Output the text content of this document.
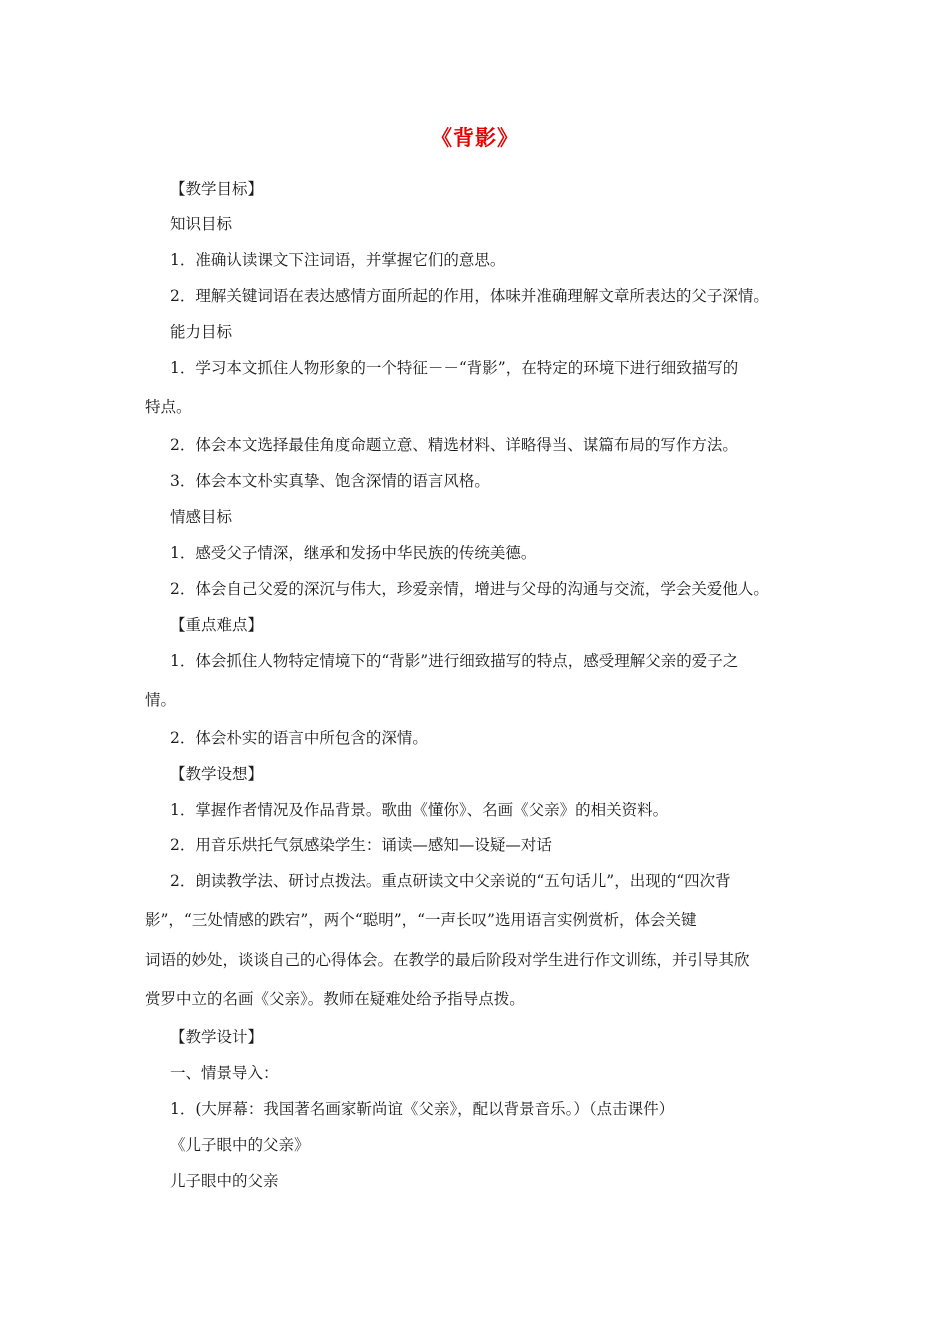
《背影》
【教学目标】
知识目标
1．准确认读课文下注词语，并掌握它们的意思。
2．理解关键词语在表达感情方面所起的作用，体味并准确理解文章所表达的父子深情。
能力目标
1．学习本文抓住人物形象的一个特征－－“背影”，在特定的环境下进行细致描写的
特点。
2．体会本文选择最佳角度命题立意、精选材料、详略得当、谋篇布局的写作方法。
3．体会本文朴实真挚、饱含深情的语言风格。
情感目标
1．感受父子情深，继承和发扬中华民族的传统美德。
2．体会自己父爱的深沉与伟大，珍爱亲情，增进与父母的沟通与交流，学会关爱他人。
【重点难点】
1．体会抓住人物特定情境下的“背影”进行细致描写的特点，感受理解父亲的爱子之
情。
2．体会朴实的语言中所包含的深情。
【教学设想】
1．掌握作者情况及作品背景。歌曲《懂你》、名画《父亲》的相关资料。
2．用音乐烘托气氛感染学生：诵读—感知—设疑—对话
2．朗读教学法、研讨点拨法。重点研读文中父亲说的“五句话儿”，出现的“四次背
影”，“三处情感的跌宕”，两个“聪明”，“一声长叹”选用语言实例赏析，体会关键
词语的妙处，谈谈自己的心得体会。在教学的最后阶段对学生进行作文训练，并引导其欣
赏罗中立的名画《父亲》。教师在疑难处给予指导点拨。
【教学设计】
一、情景导入：
1．(大屏幕：我国著名画家靳尚谊《父亲》，配以背景音乐。）（点击课件）
《儿子眼中的父亲》
儿子眼中的父亲
